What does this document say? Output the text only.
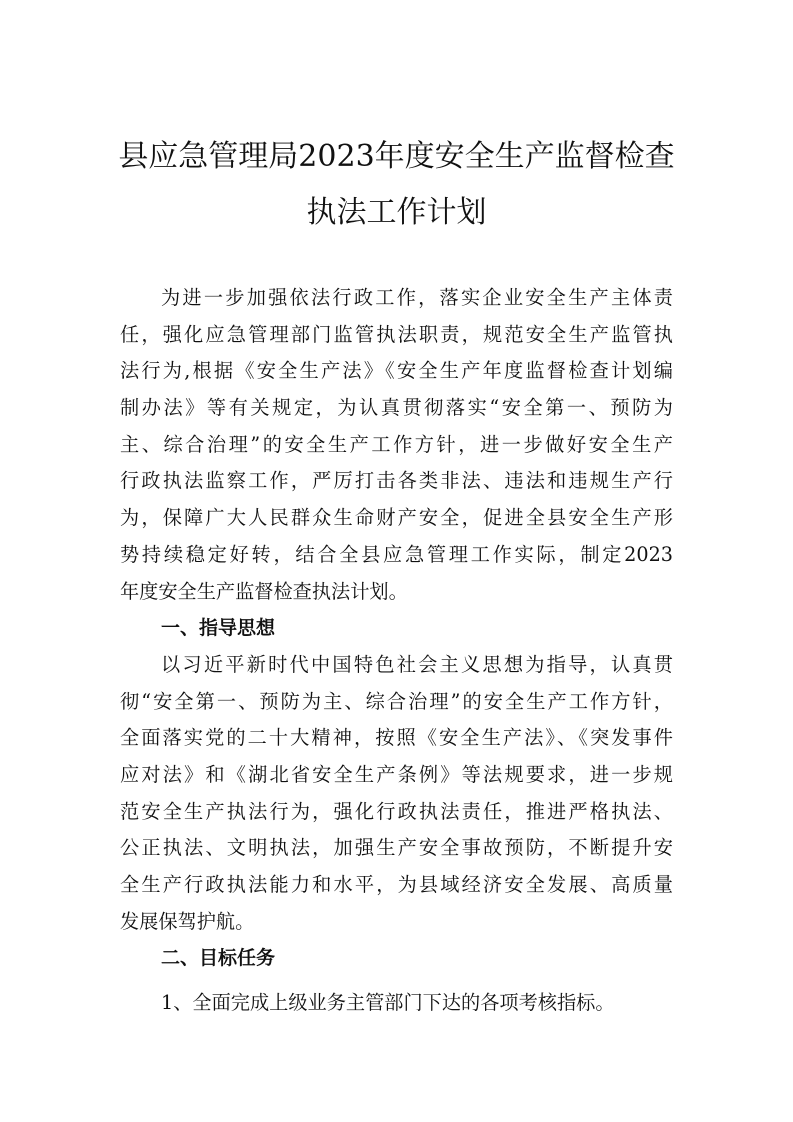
县应急管理局2023年度安全生产监督检查
执法工作计划
为进一步加强依法行政工作，落实企业安全生产主体责
任，强化应急管理部门监管执法职责，规范安全生产监管执
法行为,根据《安全生产法》《安全生产年度监督检查计划编
制办法》等有关规定，为认真贯彻落实“安全第一、预防为
主、综合治理”的安全生产工作方针，进一步做好安全生产
行政执法监察工作，严厉打击各类非法、违法和违规生产行
为，保障广大人民群众生命财产安全，促进全县安全生产形
势持续稳定好转，结合全县应急管理工作实际，制定2023
年度安全生产监督检查执法计划。
一、指导思想
以习近平新时代中国特色社会主义思想为指导，认真贯
彻“安全第一、预防为主、综合治理”的安全生产工作方针，
全面落实党的二十大精神，按照《安全生产法》、《突发事件
应对法》和《湖北省安全生产条例》等法规要求，进一步规
范安全生产执法行为，强化行政执法责任，推进严格执法、
公正执法、文明执法，加强生产安全事故预防，不断提升安
全生产行政执法能力和水平，为县域经济安全发展、高质量
发展保驾护航。
二、目标任务
1、全面完成上级业务主管部门下达的各项考核指标。
